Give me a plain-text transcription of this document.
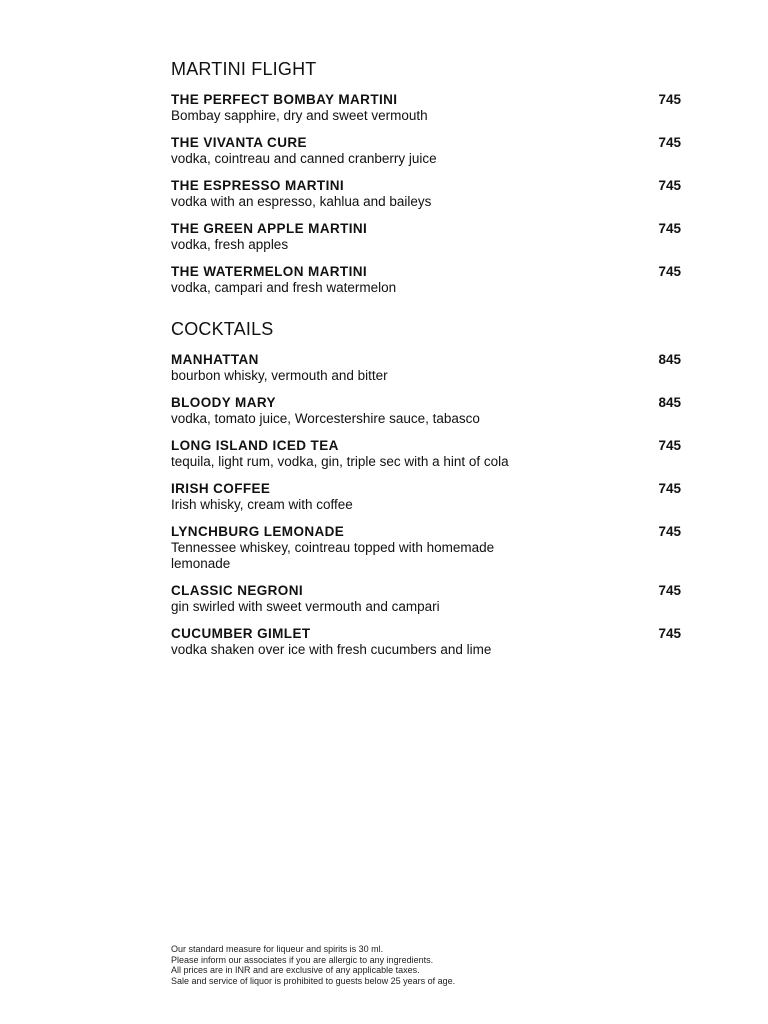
MARTINI FLIGHT
THE PERFECT BOMBAY MARTINI	745
Bombay sapphire, dry and sweet vermouth
THE VIVANTA CURE	745
vodka, cointreau and canned cranberry juice
THE ESPRESSO MARTINI	745
vodka with an espresso, kahlua and baileys
THE GREEN APPLE MARTINI	745
vodka, fresh apples
THE WATERMELON MARTINI	745
vodka, campari and fresh watermelon
COCKTAILS
MANHATTAN	845
bourbon whisky, vermouth and bitter
BLOODY MARY	845
vodka, tomato juice, Worcestershire sauce, tabasco
LONG ISLAND ICED TEA	745
tequila, light rum, vodka, gin, triple sec with a hint of cola
IRISH COFFEE	745
Irish whisky, cream with coffee
LYNCHBURG LEMONADE	745
Tennessee whiskey, cointreau topped with homemade lemonade
CLASSIC NEGRONI	745
gin swirled with sweet vermouth and campari
CUCUMBER GIMLET	745
vodka shaken over ice with fresh cucumbers and lime
Our standard measure for liqueur and spirits is 30 ml.
Please inform our associates if you are allergic to any ingredients.
All prices are in INR and are exclusive of any applicable taxes.
Sale and service of liquor is prohibited to guests below 25 years of age.
